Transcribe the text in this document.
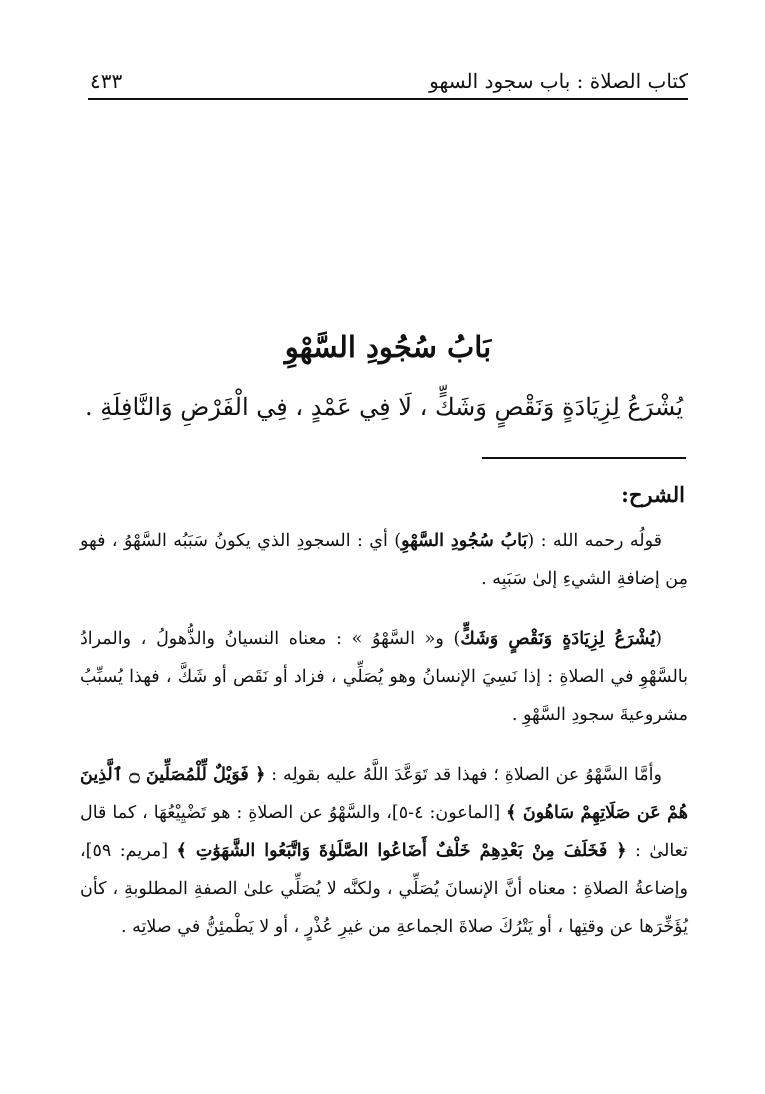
كتاب الصلاة : باب سجود السهو
٤٣٣
بَابُ سُجُودِ السَّهْوِ
يُشْرَعُ لِزِيَادَةٍ وَنَقْصٍ وَشَكٍّ ، لَا فِي عَمْدٍ ، فِي الْفَرْضِ وَالنَّافِلَةِ .
الشرح:
قولُه رحمه الله : (بَابُ سُجُودِ السَّهْوِ) أي : السجودِ الذي يكونُ سَبَبُه السَّهْوُ ، فهو مِن إضافةِ الشيءِ إلىٰ سَبَبِه .
(يُشْرَعُ لِزِيَادَةٍ وَنَقْصٍ وَشَكٍّ) و« السَّهْوُ » : معناه النسيانُ والذُّهولُ ، والمرادُ بالسَّهْوِ في الصلاةِ : إذا نَسِيَ الإنسانُ وهو يُصَلِّي ، فزاد أو نَقَص أو شَكَّ ، فهذا يُسبِّبُ مشروعيةَ سجودِ السَّهْوِ .
وأمَّا السَّهْوُ عن الصلاةِ ؛ فهذا قد تَوَعَّدَ اللَّهُ عليه بقولِه : ﴿ فَوَيْلٌ لِّلْمُصَلِّينَ ۝ ٱلَّذِينَ هُمْ عَن صَلَاتِهِمْ سَاهُونَ ﴾ [الماعون: ٤-٥]، والسَّهْوُ عن الصلاةِ : هو تَضْيِيْعُهَا ، كما قال تعالىٰ : ﴿ فَخَلَفَ مِنْ بَعْدِهِمْ خَلْفٌ أَضَاعُوا الصَّلَوٰةَ وَاتَّبَعُوا الشَّهَوَٰتِ ﴾ [مريم: ٥٩]، وإضاعةُ الصلاةِ : معناه أنَّ الإنسانَ يُصَلِّي ، ولكنَّه لا يُصَلِّي علىٰ الصفةِ المطلوبةِ ، كأن يُؤَخِّرَها عن وقتِها ، أو يَتْرُكَ صلاةَ الجماعةِ من غيرِ عُذْرٍ ، أو لا يَطْمئِنُّ في صلاتِه .
